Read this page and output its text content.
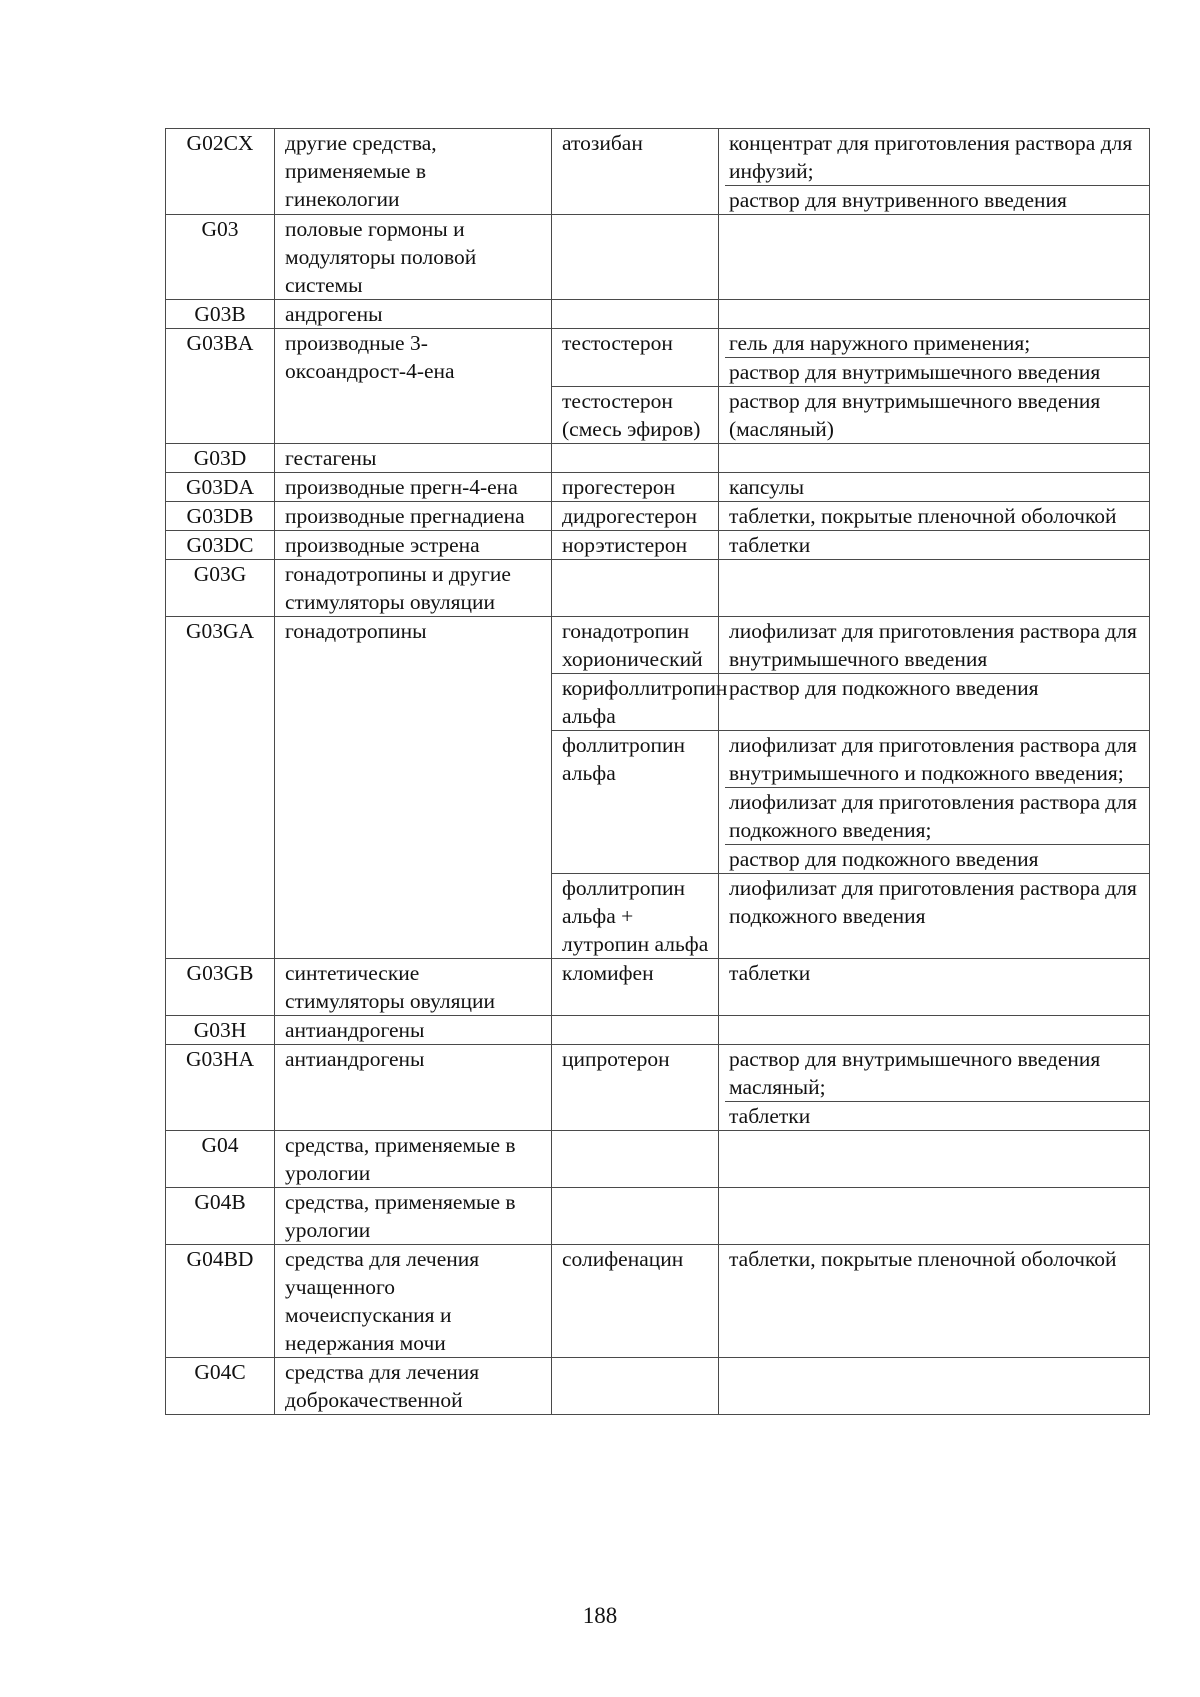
G02CX	другие средства, применяемые в гинекологии	атозибан	концентрат для приготовления раствора для инфузий;
раствор для внутривенного введения

G03	половые гормоны и модуляторы половой системы		
G03B	андрогены		
G03BA	производные 3-оксоандрост-4-ена	тестостерон	гель для наружного применения;
раствор для внутримышечного введения

		тестостерон (смесь эфиров)	раствор для внутримышечного введения (масляный)

G03D	гестагены		
G03DA	производные прегн-4-ена	прогестерон	капсулы

G03DB	производные прегнадиена	дидрогестерон	таблетки, покрытые пленочной оболочкой

G03DC	производные эстрена	норэтистерон	таблетки

G03G	гонадотропины и другие стимуляторы овуляции		
G03GA	гонадотропины	гонадотропин хорионический	лиофилизат для приготовления раствора для внутримышечного введения

		корифоллитропин альфа	раствор для подкожного введения

		фоллитропин альфа	лиофилизат для приготовления раствора для внутримышечного и подкожного введения;
лиофилизат для приготовления раствора для подкожного введения;
раствор для подкожного введения

		фоллитропин альфа + лутропин альфа	лиофилизат для приготовления раствора для подкожного введения

G03GB	синтетические стимуляторы овуляции	кломифен	таблетки

G03H	антиандрогены		
G03HA	антиандрогены	ципротерон	раствор для внутримышечного введения масляный;
таблетки

G04	средства, применяемые в урологии		
G04B	средства, применяемые в урологии		
G04BD	средства для лечения учащенного мочеиспускания и недержания мочи	солифенацин	таблетки, покрытые пленочной оболочкой

G04C	средства для лечения доброкачественной		
188
